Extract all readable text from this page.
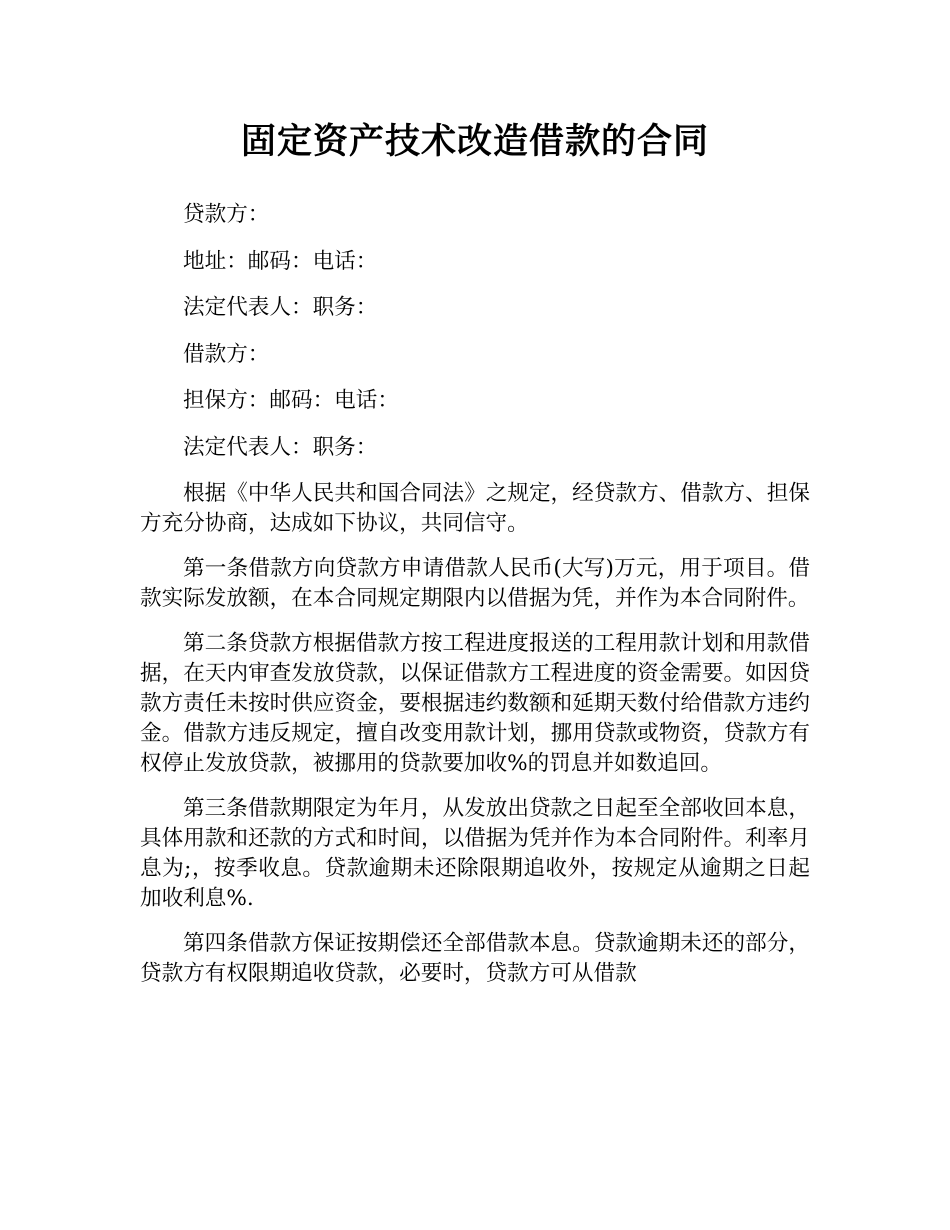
固定资产技术改造借款的合同

贷款方：

地址：邮码：电话：

法定代表人：职务：

借款方：

担保方：邮码：电话：

法定代表人：职务：

根据《中华人民共和国合同法》之规定，经贷款方、借款方、担保方充分协商，达成如下协议，共同信守。

第一条借款方向贷款方申请借款人民币(大写)万元，用于项目。借款实际发放额，在本合同规定期限内以借据为凭，并作为本合同附件。

第二条贷款方根据借款方按工程进度报送的工程用款计划和用款借据，在天内审查发放贷款，以保证借款方工程进度的资金需要。如因贷款方责任未按时供应资金，要根据违约数额和延期天数付给借款方违约金。借款方违反规定，擅自改变用款计划，挪用贷款或物资，贷款方有权停止发放贷款，被挪用的贷款要加收%的罚息并如数追回。

第三条借款期限定为年月，从发放出贷款之日起至全部收回本息，具体用款和还款的方式和时间，以借据为凭并作为本合同附件。利率月息为;，按季收息。贷款逾期未还除限期追收外，按规定从逾期之日起加收利息%.

第四条借款方保证按期偿还全部借款本息。贷款逾期未还的部分，贷款方有权限期追收贷款，必要时，贷款方可从借款
